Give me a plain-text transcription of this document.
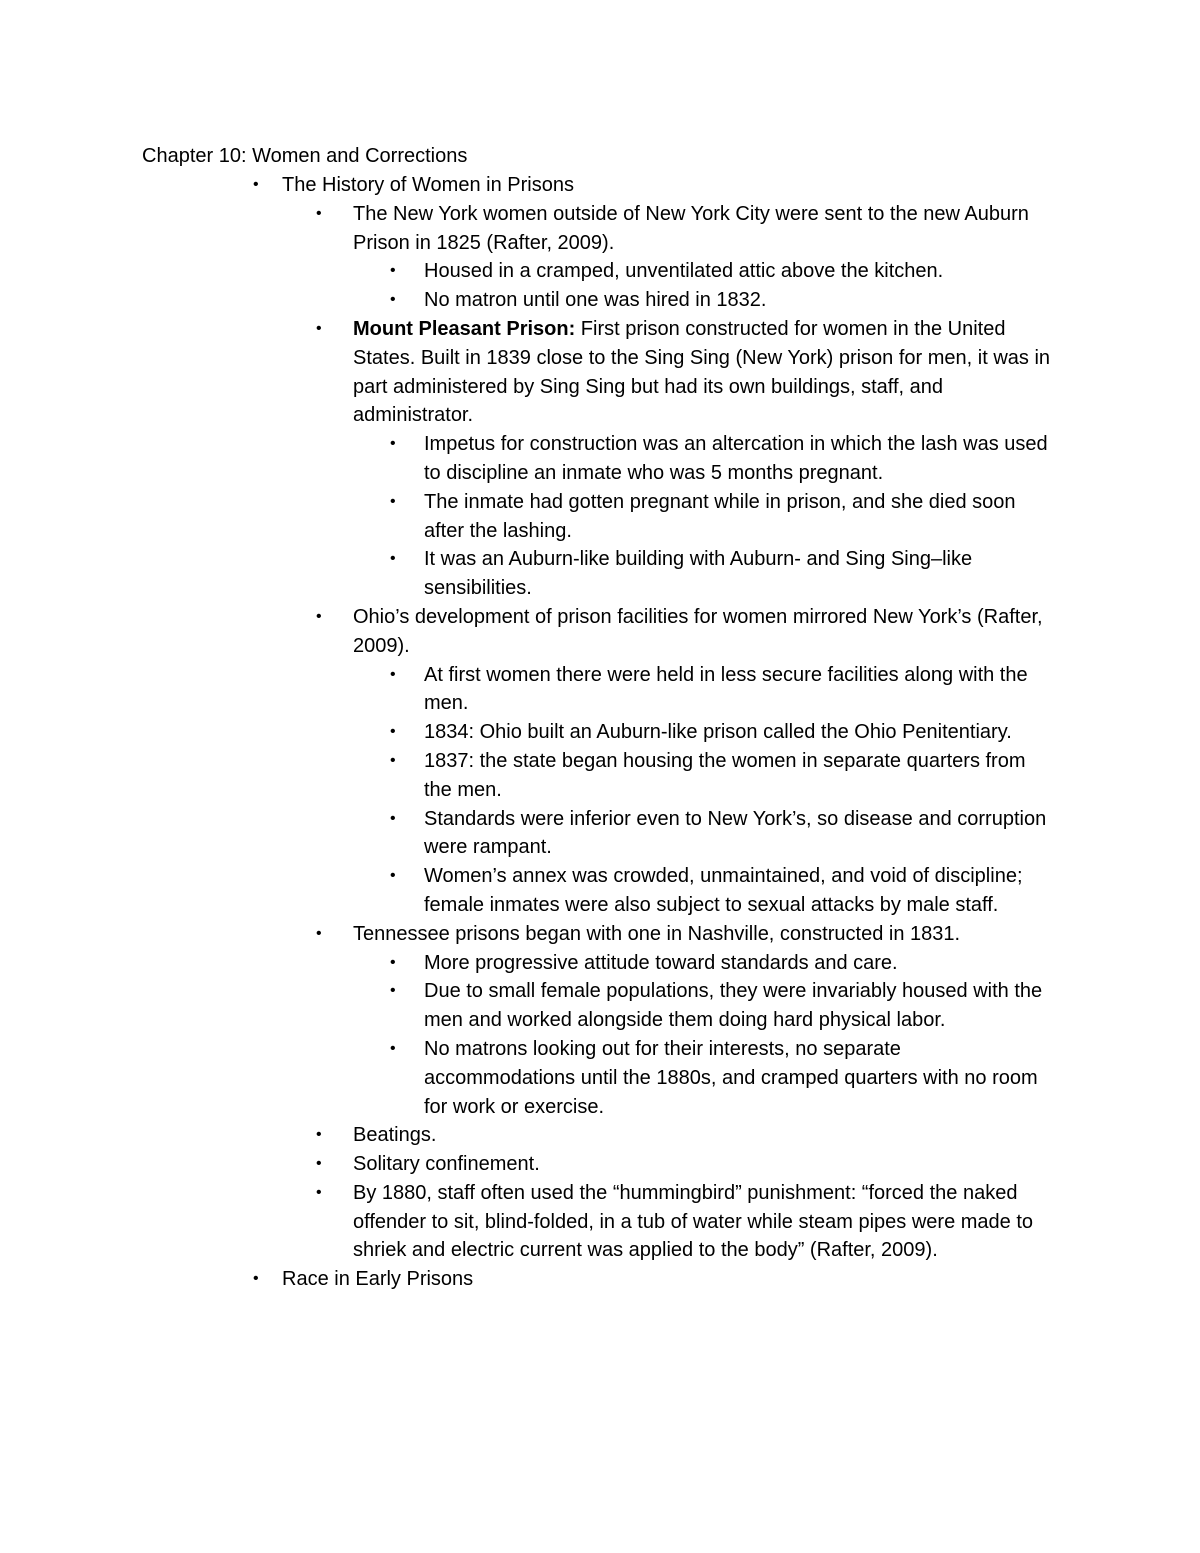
Chapter 10: Women and Corrections
• The History of Women in Prisons
• The New York women outside of New York City were sent to the new Auburn Prison in 1825 (Rafter, 2009).
• Housed in a cramped, unventilated attic above the kitchen.
• No matron until one was hired in 1832.
• Mount Pleasant Prison: First prison constructed for women in the United States. Built in 1839 close to the Sing Sing (New York) prison for men, it was in part administered by Sing Sing but had its own buildings, staff, and administrator.
• Impetus for construction was an altercation in which the lash was used to discipline an inmate who was 5 months pregnant.
• The inmate had gotten pregnant while in prison, and she died soon after the lashing.
• It was an Auburn-like building with Auburn- and Sing Sing–like sensibilities.
• Ohio’s development of prison facilities for women mirrored New York’s (Rafter, 2009).
• At first women there were held in less secure facilities along with the men.
• 1834: Ohio built an Auburn-like prison called the Ohio Penitentiary.
• 1837: the state began housing the women in separate quarters from the men.
• Standards were inferior even to New York’s, so disease and corruption were rampant.
• Women’s annex was crowded, unmaintained, and void of discipline; female inmates were also subject to sexual attacks by male staff.
• Tennessee prisons began with one in Nashville, constructed in 1831.
• More progressive attitude toward standards and care.
• Due to small female populations, they were invariably housed with the men and worked alongside them doing hard physical labor.
• No matrons looking out for their interests, no separate accommodations until the 1880s, and cramped quarters with no room for work or exercise.
• Beatings.
• Solitary confinement.
• By 1880, staff often used the “hummingbird” punishment: “forced the naked offender to sit, blind-folded, in a tub of water while steam pipes were made to shriek and electric current was applied to the body” (Rafter, 2009).
• Race in Early Prisons
